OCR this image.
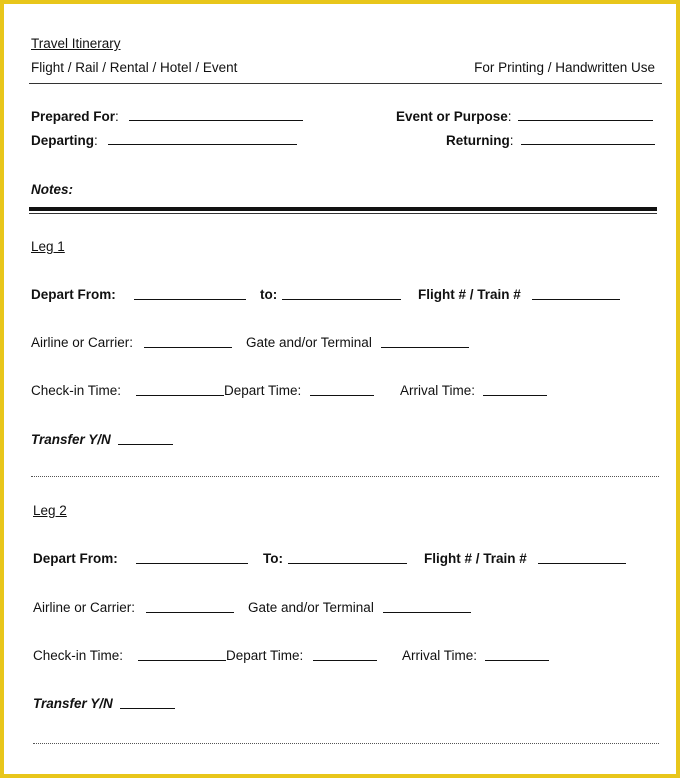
Travel Itinerary
Flight / Rail / Rental / Hotel / Event	For Printing / Handwritten Use
Prepared For:	Event or Purpose:
Departing:	Returning:
Notes:
Leg 1
Depart From:	to:	Flight # / Train #
Airline or Carrier:	Gate and/or Terminal
Check-in Time:	Depart Time:	Arrival Time:
Transfer Y/N
Leg 2
Depart From:	To:	Flight # / Train #
Airline or Carrier:	Gate and/or Terminal
Check-in Time:	Depart Time:	Arrival Time:
Transfer Y/N
